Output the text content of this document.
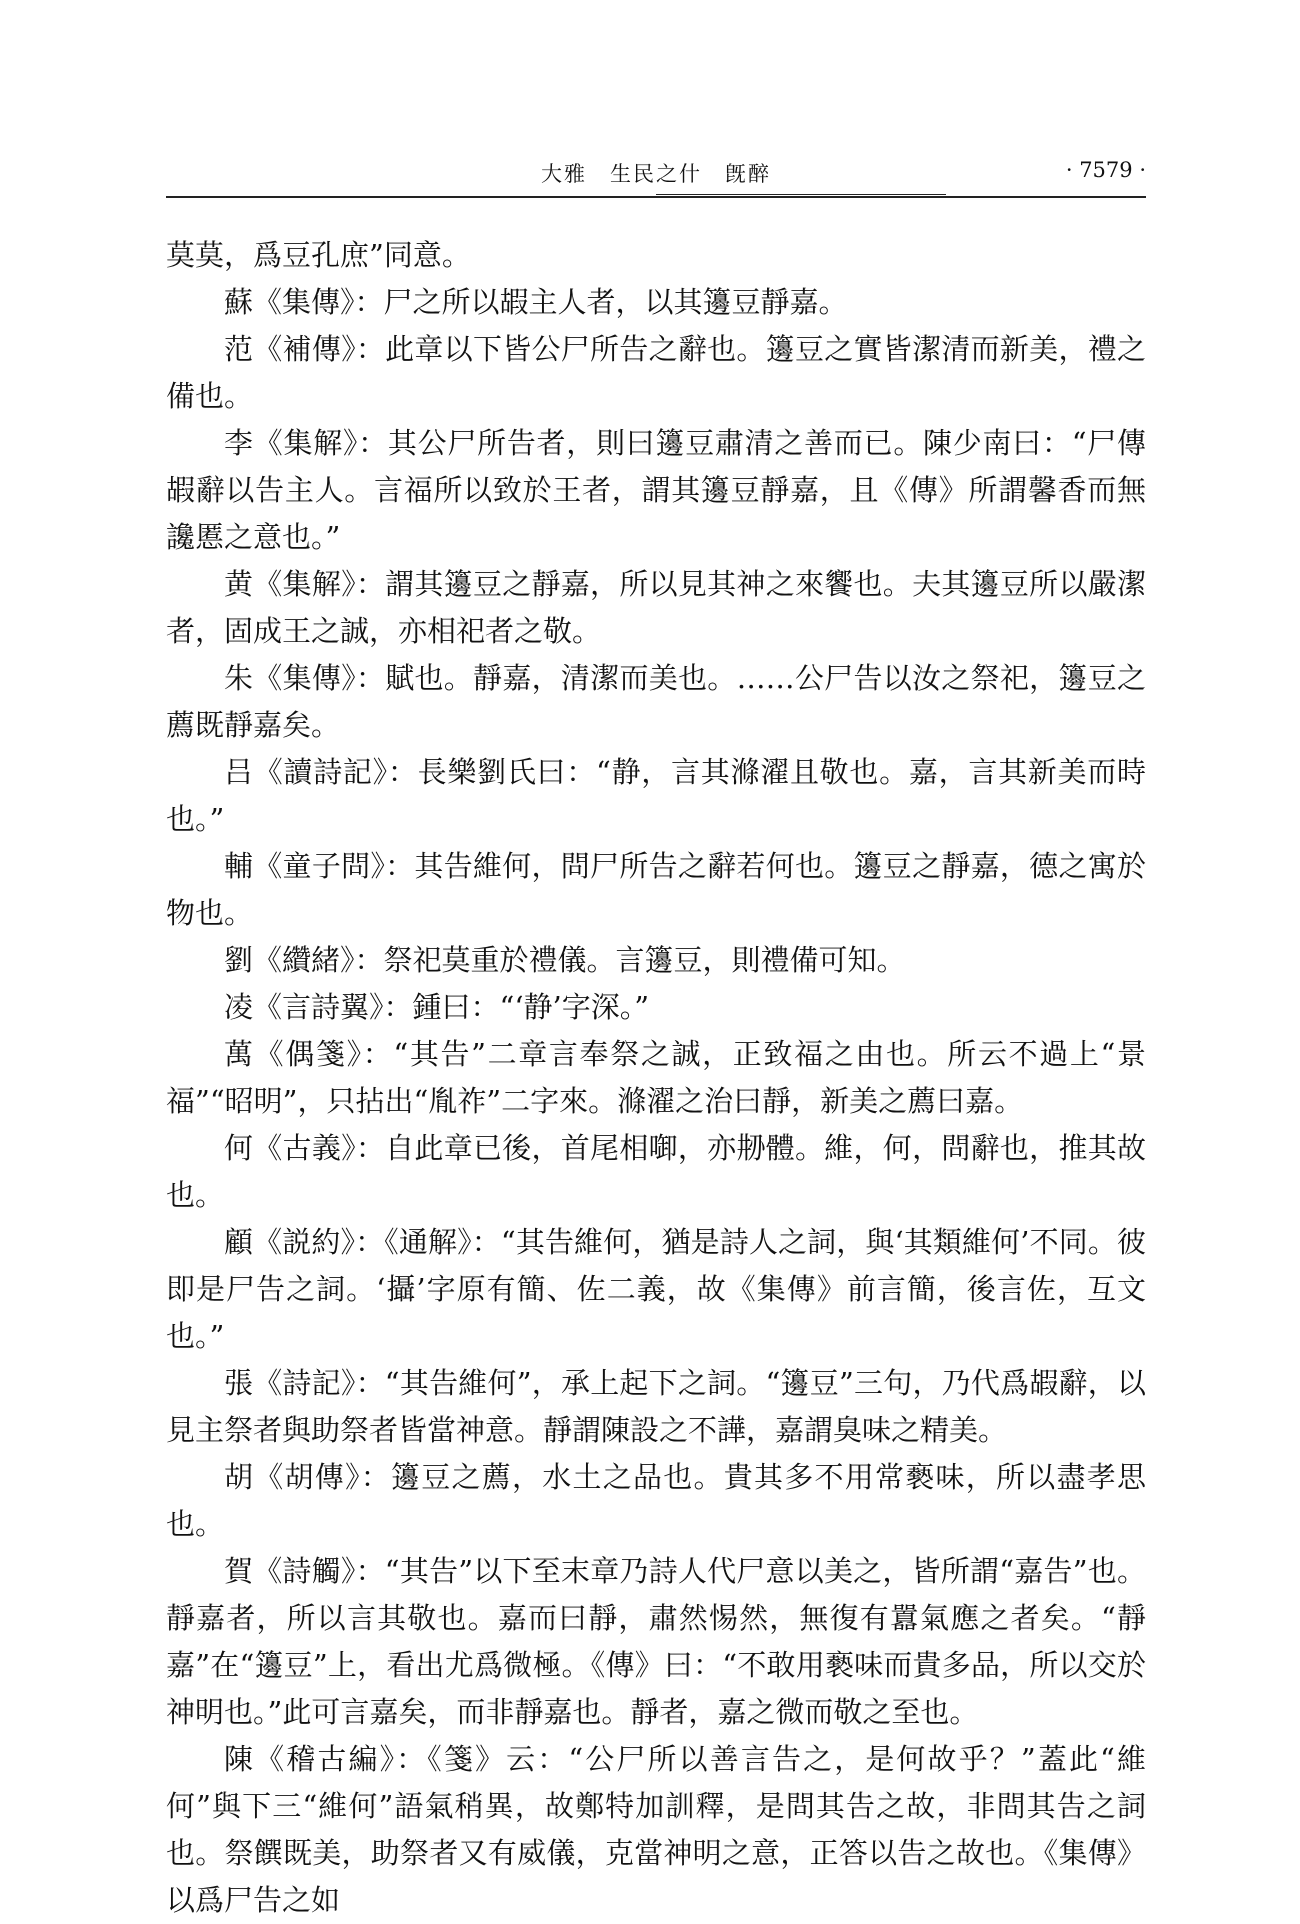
大雅　生民之什　旣醉	· 7579 ·

莫莫，爲豆孔庶”同意。

蘇《集傳》：尸之所以嘏主人者，以其籩豆靜嘉。

范《補傳》：此章以下皆公尸所告之辭也。籩豆之實皆潔清而新美，禮之備也。

李《集解》：其公尸所告者，則曰籩豆肅清之善而已。陳少南曰：“尸傳嘏辭以告主人。言福所以致於王者，謂其籩豆靜嘉，且《傳》所謂馨香而無讒慝之意也。”

黄《集解》：謂其籩豆之靜嘉，所以見其神之來饗也。夫其籩豆所以嚴潔者，固成王之誠，亦相祀者之敬。

朱《集傳》：賦也。靜嘉，清潔而美也。……公尸告以汝之祭祀，籩豆之薦既靜嘉矣。

吕《讀詩記》：長樂劉氏曰：“静，言其滌濯且敬也。嘉，言其新美而時也。”

輔《童子問》：其告維何，問尸所告之辭若何也。籩豆之靜嘉，德之寓於物也。

劉《纘緒》：祭祀莫重於禮儀。言籩豆，則禮備可知。

凌《言詩翼》：鍾曰：“‘静’字深。”

萬《偶箋》：“其告”二章言奉祭之誠，正致福之由也。所云不過上“景福”“昭明”，只拈出“胤祚”二字來。滌濯之治曰靜，新美之薦曰嘉。

何《古義》：自此章已後，首尾相啣，亦刱體。維，何，問辭也，推其故也。

顧《説約》：《通解》：“其告維何，猶是詩人之詞，與‘其類維何’不同。彼即是尸告之詞。‘攝’字原有簡、佐二義，故《集傳》前言簡，後言佐，互文也。”

張《詩記》：“其告維何”，承上起下之詞。“籩豆”三句，乃代爲嘏辭，以見主祭者與助祭者皆當神意。靜謂陳設之不譁，嘉謂臭味之精美。

胡《胡傳》：籩豆之薦，水土之品也。貴其多不用常褻味，所以盡孝思也。

賀《詩觸》：“其告”以下至末章乃詩人代尸意以美之，皆所謂“嘉告”也。靜嘉者，所以言其敬也。嘉而曰靜，肅然惕然，無復有囂氣應之者矣。“靜嘉”在“籩豆”上，看出尤爲微極。《傳》曰：“不敢用褻味而貴多品，所以交於神明也。”此可言嘉矣，而非靜嘉也。靜者，嘉之微而敬之至也。

陳《稽古編》：《箋》云：“公尸所以善言告之，是何故乎？”蓋此“維何”與下三“維何”語氣稍異，故鄭特加訓釋，是問其告之故，非問其告之詞也。祭饌既美，助祭者又有威儀，克當神明之意，正答以告之故也。《集傳》以爲尸告之如
